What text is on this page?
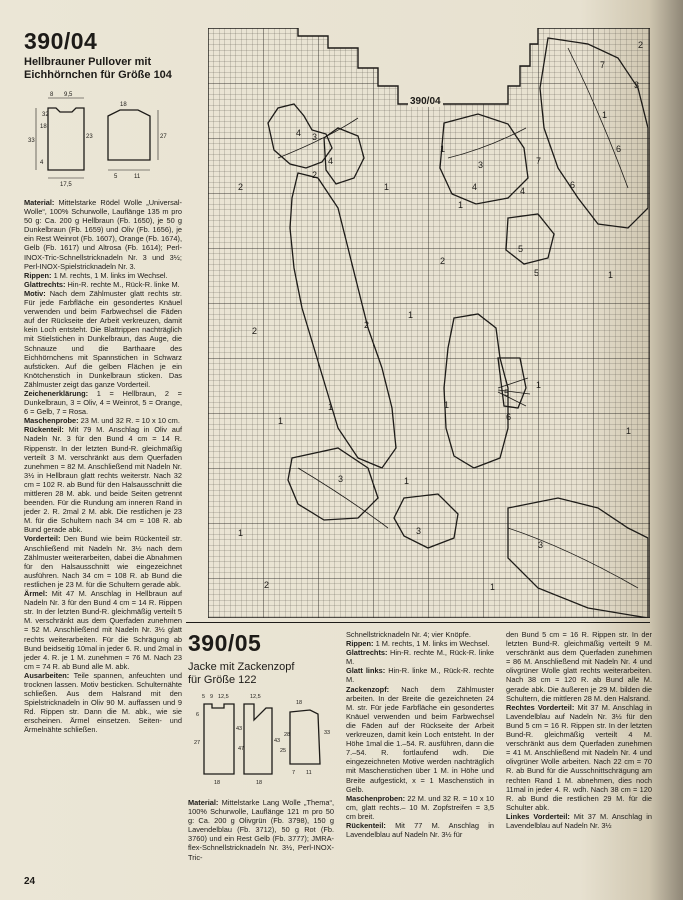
390/04
Hellbrauner Pullover mit
Eichhörnchen für Größe 104
8 9,5
32
33
18
4
18
23	27
17,5
5	11

Material: Mittelstarke Rödel Wolle „Universal-Wolle“, 100% Schurwolle, Lauflänge 135 m pro 50 g: Ca. 200 g Hellbraun (Fb. 1650), je 50 g Dunkelbraun (Fb. 1659) und Oliv (Fb. 1656), je ein Rest Weinrot (Fb. 1607), Orange (Fb. 1674), Gelb (Fb. 1617) und Altrosa (Fb. 1614); Perl-INOX-Tric-Schnellstricknadeln Nr. 3 und 3½; Perl-INOX-Spielstricknadeln Nr. 3.

Rippen: 1 M. rechts, 1 M. links im Wechsel.

Glattrechts: Hin-R. rechte M., Rück-R. linke M.

Motiv: Nach dem Zählmuster glatt rechts str. Für jede Farbfläche ein gesondertes Knäuel verwenden und beim Farbwechsel die Fäden auf der Rückseite der Arbeit verkreuzen, damit kein Loch entsteht. Die Blattrippen nachträglich mit Stielstichen in Dunkelbraun, das Auge, die Schnauze und die Barthaare des Eichhörnchens mit Spannstichen in Schwarz aufsticken. Auf die gelben Flächen je ein Knötchenstich in Dunkelbraun sticken. Das Zählmuster zeigt das ganze Vorderteil.

Zeichenerklärung: 1 = Hellbraun, 2 = Dunkelbraun, 3 = Oliv, 4 = Weinrot, 5 = Orange, 6 = Gelb, 7 = Rosa.

Maschenprobe: 23 M. und 32 R. = 10 x 10 cm.

Rückenteil: Mit 79 M. Anschlag in Oliv auf Nadeln Nr. 3 für den Bund 4 cm = 14 R. Rippenstr. In der letzten Bund-R. gleichmäßig verteilt 3 M. verschränkt aus dem Querfaden zunehmen = 82 M. Anschließend mit Nadeln Nr. 3½ in Hellbraun glatt rechts weiterstr. Nach 32 cm = 102 R. ab Bund für den Halsausschnitt die mittleren 28 M. abk. und beide Seiten getrennt beenden. Für die Rundung am inneren Rand in jeder 2. R. 2mal 2 M. abk. Die restlichen je 23 M. für die Schultern nach 34 cm = 108 R. ab Bund gerade abk.

Vorderteil: Den Bund wie beim Rückenteil str. Anschließend mit Nadeln Nr. 3½ nach dem Zählmuster weiterarbeiten, dabei die Abnahmen für den Halsausschnitt wie eingezeichnet ausführen. Nach 34 cm = 108 R. ab Bund die restlichen je 23 M. für die Schultern gerade abk.

Ärmel: Mit 47 M. Anschlag in Hellbraun auf Nadeln Nr. 3 für den Bund 4 cm = 14 R. Rippen str. In der letzten Bund-R. gleichmäßig verteilt 5 M. verschränkt aus dem Querfaden zunehmen = 52 M. Anschließend mit Nadeln Nr. 3½ glatt rechts weiterarbeiten. Für die Schrägung ab Bund beidseitig 10mal in jeder 6. R. und 2mal in jeder 4. R. je 1 M. zunehmen = 76 M. Nach 23 cm = 74 R. ab Bund alle M. abk.

Ausarbeiten: Teile spannen, anfeuchten und trocknen lassen. Motiv besticken. Schulternähte schließen. Aus dem Halsrand mit den Spielstricknadeln in Oliv 90 M. auffassen und 9 Rd. Rippen str. Dann die M. abk., wie sie erscheinen. Ärmel einsetzen. Seiten- und Ärmelnähte schließen.

1
1
1
1
1
1
1
1
1
1
1
1
1
1
2
2
2
2
2
2
2
3
3
3
3
3
4
4
4
4
5
5
5
6
6
6
7
7
3
390/04
390/05
Jacke mit Zackenzopf
für Größe 122
5 9 12,5	12,5
6
18
27
43
47
43
18
7 11
25
33
28
18

Material: Mittelstarke Lang Wolle „Thema“, 100% Schurwolle, Lauflänge 121 m pro 50 g: Ca. 200 g Olivgrün (Fb. 3798), 150 g Lavendelblau (Fb. 3712), 50 g Rot (Fb. 3760) und ein Rest Gelb (Fb. 3777); JMRA-flex-Schnellstricknadeln Nr. 3½, Perl-INOX-Tric-

Schnellstricknadeln Nr. 4; vier Knöpfe.

Rippen: 1 M. rechts, 1 M. links im Wechsel.

Glattrechts: Hin-R. rechte M., Rück-R. linke M.

Glatt links: Hin-R. linke M., Rück-R. rechte M.

Zackenzopf: Nach dem Zählmuster arbeiten. In der Breite die gezeichneten 24 M. str. Für jede Farbfläche ein gesondertes Knäuel verwenden und beim Farbwechsel die Fäden auf der Rückseite der Arbeit verkreuzen, damit kein Loch entsteht. In der Höhe 1mal die 1.–54. R. ausführen, dann die 7.–54. R. fortlaufend wdh. Die eingezeichneten Motive werden nachträglich mit Maschenstichen über 1 M. in Höhe und Breite aufgestickt, x = 1 Maschenstich in Gelb.

Maschenproben: 22 M. und 32 R. = 10 x 10 cm, glatt rechts.– 10 M. Zopfstreifen = 3,5 cm breit.

Rückenteil: Mit 77 M. Anschlag in Lavendelblau auf Nadeln Nr. 3½ für

den Bund 5 cm = 16 R. Rippen str. In der letzten Bund-R. gleichmäßig verteilt 9 M. verschränkt aus dem Querfaden zunehmen = 86 M. Anschließend mit Nadeln Nr. 4 und olivgrüner Wolle glatt rechts weiterarbeiten. Nach 38 cm = 120 R. ab Bund alle M. gerade abk. Die äußeren je 29 M. bilden die Schultern, die mittleren 28 M. den Halsrand.

Rechtes Vorderteil: Mit 37 M. Anschlag in Lavendelblau auf Nadeln Nr. 3½ für den Bund 5 cm = 16 R. Rippen str. In der letzten Bund-R. gleichmäßig verteilt 4 M. verschränkt aus dem Querfaden zunehmen = 41 M. Anschließend mit Nadeln Nr. 4 und olivgrüner Wolle arbeiten. Nach 22 cm = 70 R. ab Bund für die Ausschnittschrägung am rechten Rand 1 M. abnehmen, dies noch 11mal in jeder 4. R. wdh. Nach 38 cm = 120 R. ab Bund die restlichen 29 M. für die Schulter abk.

Linkes Vorderteil: Mit 37 M. Anschlag in Lavendelblau auf Nadeln Nr. 3½

24
